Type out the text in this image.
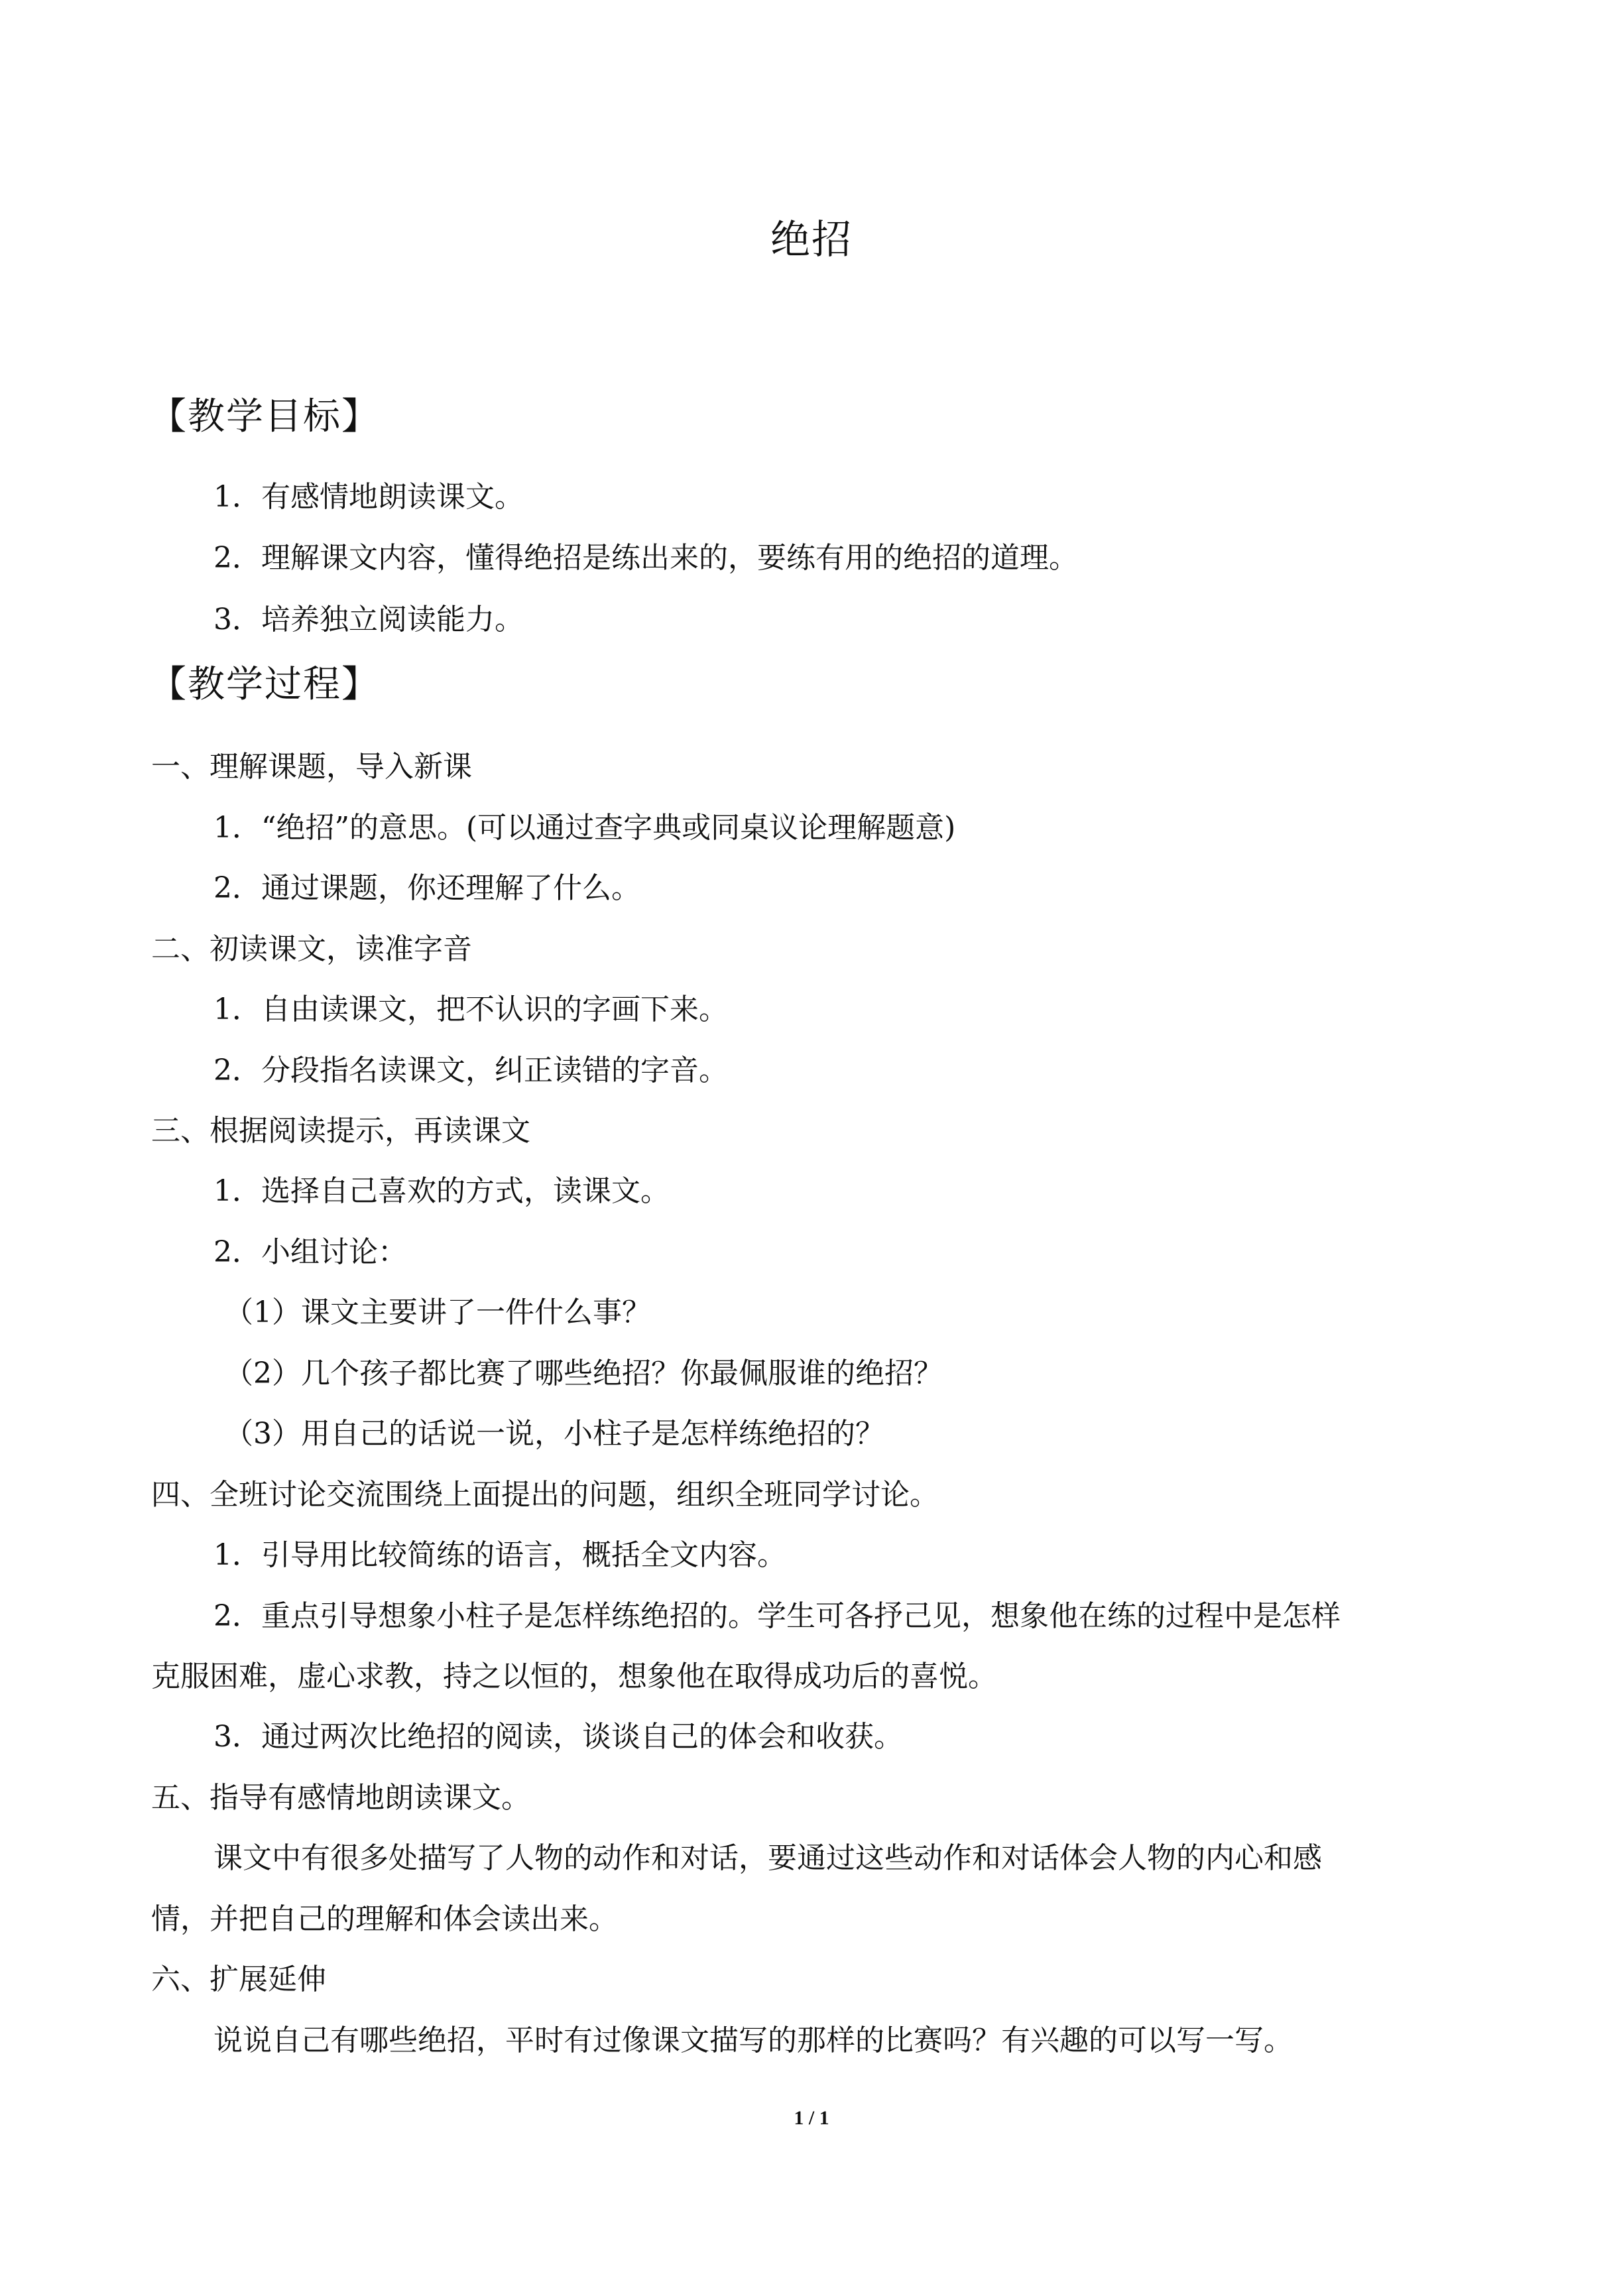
绝招
【教学目标】
1．有感情地朗读课文。
2．理解课文内容，懂得绝招是练出来的，要练有用的绝招的道理。
3．培养独立阅读能力。
【教学过程】
一、理解课题，导入新课
1．“绝招”的意思。(可以通过查字典或同桌议论理解题意)
2．通过课题，你还理解了什么。
二、初读课文，读准字音
1．自由读课文，把不认识的字画下来。
2．分段指名读课文，纠正读错的字音。
三、根据阅读提示，再读课文
1．选择自己喜欢的方式，读课文。
2．小组讨论：
（1）课文主要讲了一件什么事？
（2）几个孩子都比赛了哪些绝招？你最佩服谁的绝招？
（3）用自己的话说一说，小柱子是怎样练绝招的？
四、全班讨论交流围绕上面提出的问题，组织全班同学讨论。
1．引导用比较简练的语言，概括全文内容。
2．重点引导想象小柱子是怎样练绝招的。学生可各抒己见，想象他在练的过程中是怎样
克服困难，虚心求教，持之以恒的，想象他在取得成功后的喜悦。
3．通过两次比绝招的阅读，谈谈自己的体会和收获。
五、指导有感情地朗读课文。
课文中有很多处描写了人物的动作和对话，要通过这些动作和对话体会人物的内心和感
情，并把自己的理解和体会读出来。
六、扩展延伸
说说自己有哪些绝招，平时有过像课文描写的那样的比赛吗？有兴趣的可以写一写。
1 / 1
